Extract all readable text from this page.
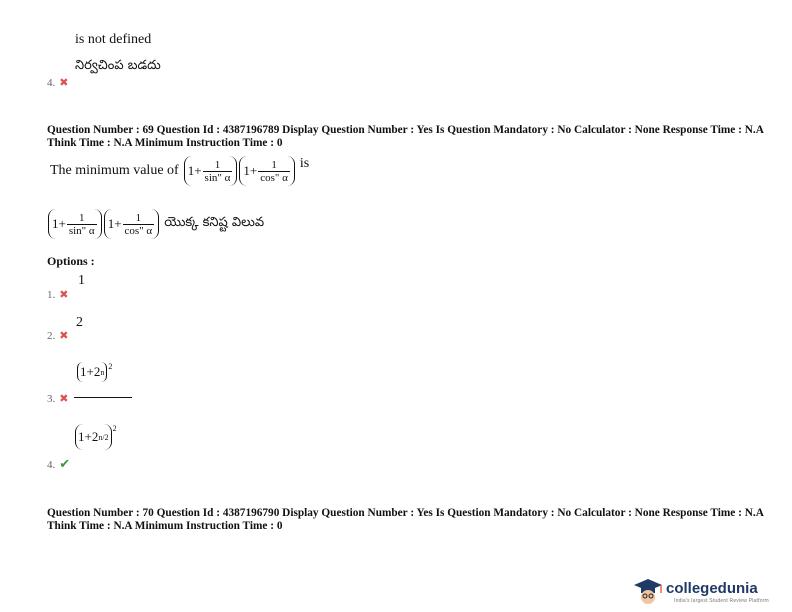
is not defined
నిర్వచింప బడదు
4. ✖
Question Number : 69 Question Id : 4387196789 Display Question Number : Yes Is Question Mandatory : No Calculator : None Response Time : N.A Think Time : N.A Minimum Instruction Time : 0
The minimum value of $1+ \frac{1}{\sin" \alpha} 1+ \frac{1}{\cos" \alpha}$ is
$1+ \frac{1}{\sin" \alpha} 1+ \frac{1}{\cos" \alpha}$ యొక్క కనిష్ట విలువ
Options :
1. ✖
1
2. ✖
2
3. ✖
1+2 n
$^2$
4. ✔
1+2 n/2
$^2$
Question Number : 70 Question Id : 4387196790 Display Question Number : Yes Is Question Mandatory : No Calculator : None Response Time : N.A Think Time : N.A Minimum Instruction Time : 0
collegedunia
India's largest Student Review Platform
